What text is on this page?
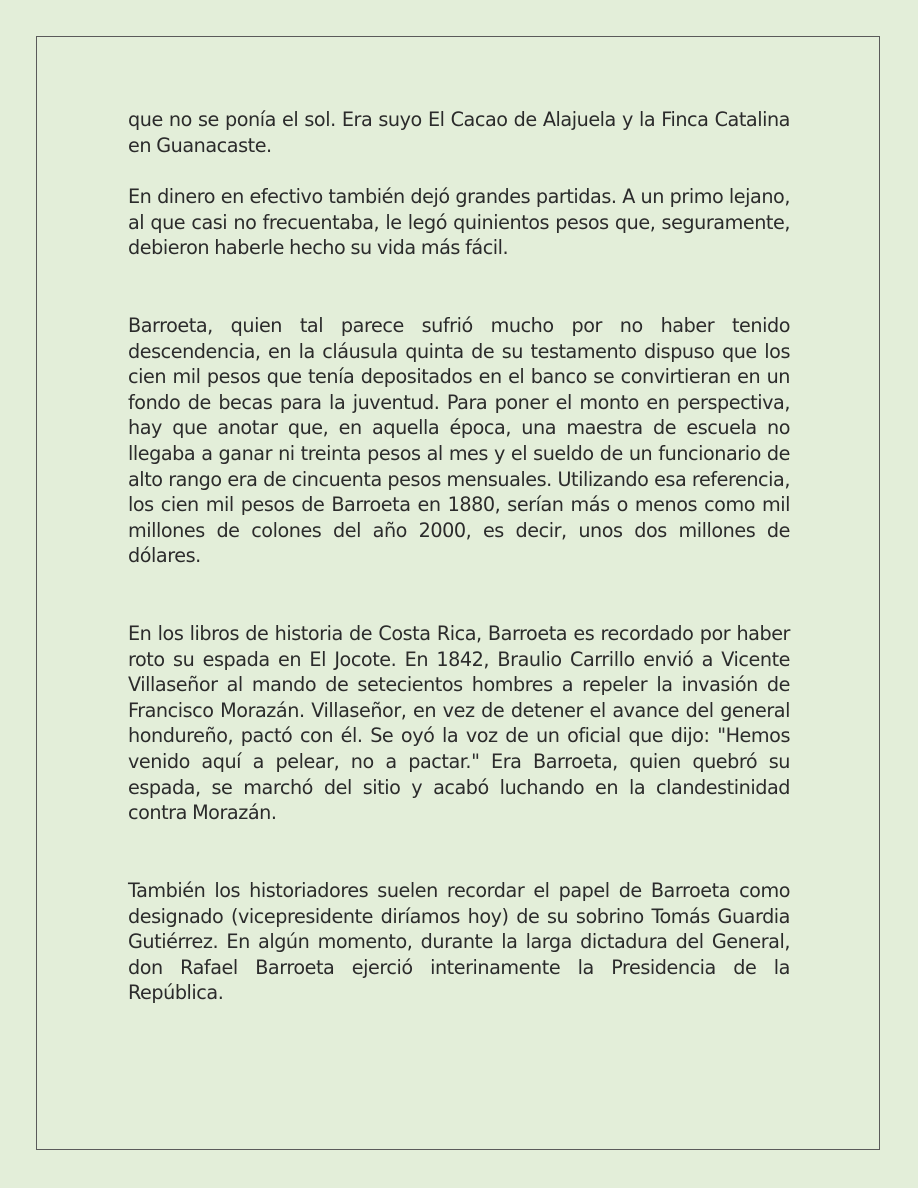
que no se ponía el sol. Era suyo El Cacao de Alajuela y la Finca Catalina en Guanacaste.

En dinero en efectivo también dejó grandes partidas. A un primo lejano, al que casi no frecuentaba, le legó quinientos pesos que, seguramente, debieron haberle hecho su vida más fácil.

Barroeta, quien tal parece sufrió mucho por no haber tenido descendencia, en la cláusula quinta de su testamento dispuso que los cien mil pesos que tenía depositados en el banco se convirtieran en un fondo de becas para la juventud. Para poner el monto en perspectiva, hay que anotar que, en aquella época, una maestra de escuela no llegaba a ganar ni treinta pesos al mes y el sueldo de un funcionario de alto rango era de cincuenta pesos mensuales. Utilizando esa referencia, los cien mil pesos de Barroeta en 1880, serían más o menos como mil millones de colones del año 2000, es decir, unos dos millones de dólares.

En los libros de historia de Costa Rica, Barroeta es recordado por haber roto su espada en El Jocote. En 1842, Braulio Carrillo envió a Vicente Villaseñor al mando de setecientos hombres a repeler la invasión de Francisco Morazán. Villaseñor, en vez de detener el avance del general hondureño, pactó con él. Se oyó la voz de un oficial que dijo: "Hemos venido aquí a pelear, no a pactar." Era Barroeta, quien quebró su espada, se marchó del sitio y acabó luchando en la clandestinidad contra Morazán.

También los historiadores suelen recordar el papel de Barroeta como designado (vicepresidente diríamos hoy) de su sobrino Tomás Guardia Gutiérrez. En algún momento, durante la larga dictadura del General, don Rafael Barroeta ejerció interinamente la Presidencia de la República.
